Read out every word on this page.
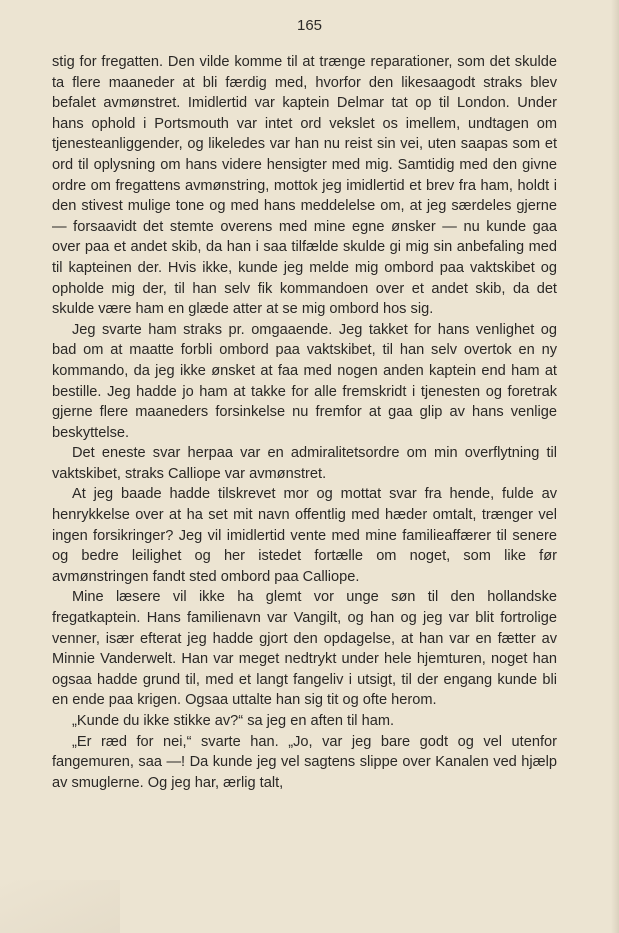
165

stig for fregatten. Den vilde komme til at trænge reparationer, som det skulde ta flere maaneder at bli færdig med, hvorfor den likesaagodt straks blev befalet avmønstret. Imidlertid var kaptein Delmar tat op til London. Under hans ophold i Portsmouth var intet ord vekslet os imellem, undtagen om tjenesteanliggender, og likeledes var han nu reist sin vei, uten saapas som et ord til oplysning om hans videre hensigter med mig. Samtidig med den givne ordre om fregattens avmønstring, mottok jeg imidlertid et brev fra ham, holdt i den stivest mulige tone og med hans meddelelse om, at jeg særdeles gjerne — forsaavidt det stemte overens med mine egne ønsker — nu kunde gaa over paa et andet skib, da han i saa tilfælde skulde gi mig sin anbefaling med til kapteinen der. Hvis ikke, kunde jeg melde mig ombord paa vaktskibet og opholde mig der, til han selv fik kommandoen over et andet skib, da det skulde være ham en glæde atter at se mig ombord hos sig.

Jeg svarte ham straks pr. omgaaende. Jeg takket for hans venlighet og bad om at maatte forbli ombord paa vaktskibet, til han selv overtok en ny kommando, da jeg ikke ønsket at faa med nogen anden kaptein end ham at bestille. Jeg hadde jo ham at takke for alle fremskridt i tjenesten og foretrak gjerne flere maaneders forsinkelse nu fremfor at gaa glip av hans venlige beskyttelse.

Det eneste svar herpaa var en admiralitetsordre om min overflytning til vaktskibet, straks Calliope var avmønstret.

At jeg baade hadde tilskrevet mor og mottat svar fra hende, fulde av henrykkelse over at ha set mit navn offentlig med hæder omtalt, trænger vel ingen forsikringer? Jeg vil imidlertid vente med mine familieaffærer til senere og bedre leilighet og her istedet fortælle om noget, som like før avmønstringen fandt sted ombord paa Calliope.

Mine læsere vil ikke ha glemt vor unge søn til den hollandske fregatkaptein. Hans familienavn var Vangilt, og han og jeg var blit fortrolige venner, især efterat jeg hadde gjort den opdagelse, at han var en fætter av Minnie Vanderwelt. Han var meget nedtrykt under hele hjemturen, noget han ogsaa hadde grund til, med et langt fangeliv i utsigt, til der engang kunde bli en ende paa krigen. Ogsaa uttalte han sig tit og ofte herom.

„Kunde du ikke stikke av?“ sa jeg en aften til ham.

„Er ræd for nei,“ svarte han. „Jo, var jeg bare godt og vel utenfor fangemuren, saa —! Da kunde jeg vel sagtens slippe over Kanalen ved hjælp av smuglerne. Og jeg har, ærlig talt,
